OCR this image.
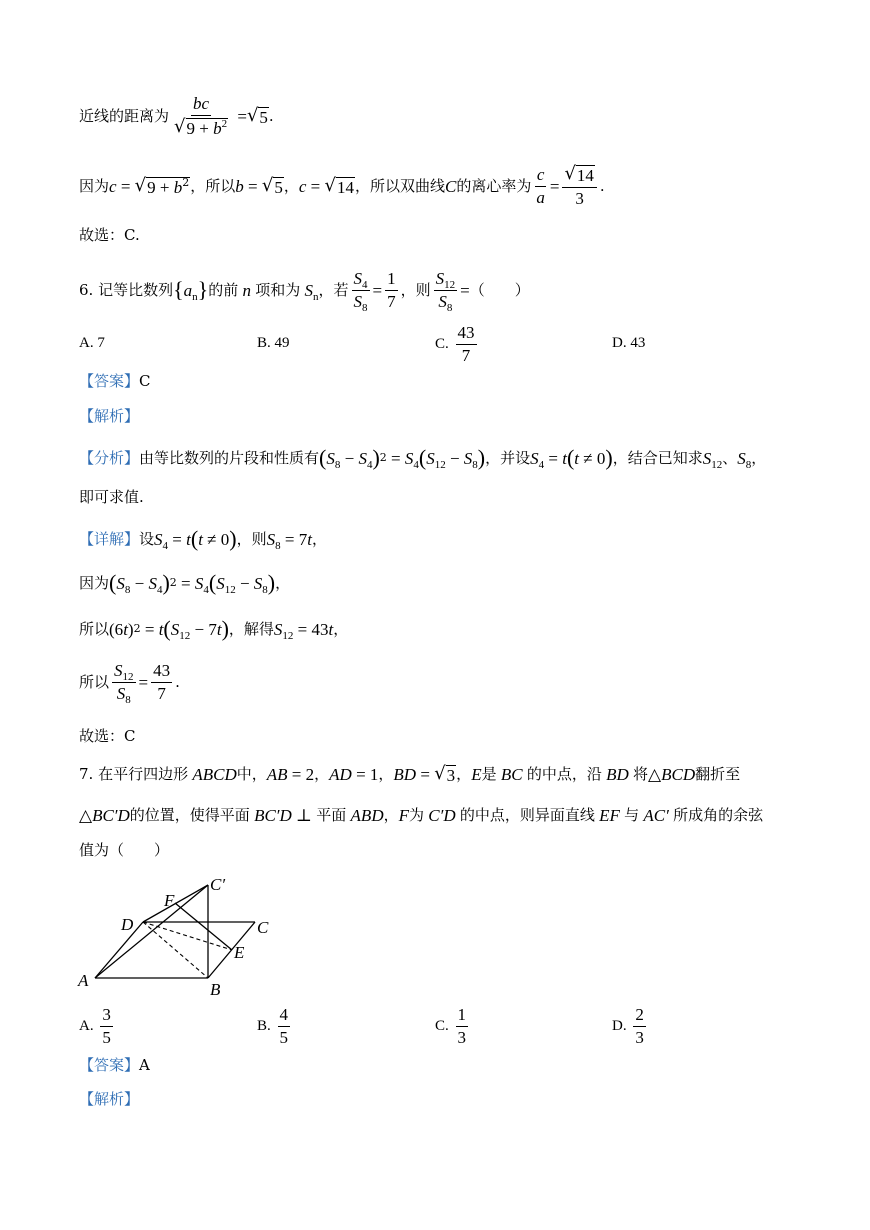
近线的距离为 $\frac{bc}{√ 9 + b^2}$ = √ 5 .
因为 c = √ $9 + b^2$ ，所以 b = √ 5 ， c = √ 14 ，所以双曲线 C 的离心率为 $\frac{c}{a} = \frac{√ 14}{3}$ .
故选：C.
6. 记等比数列 { $a_n$ } 的前 n 项和为 $S_n$ ，若 $\frac{S_4}{S_8} = \frac{1}{7}$ ，则 $\frac{S_{12}}{S_8}$ = （　　）
A. 7	B. 49	C.
$\frac{43}{7}$	D. 43
【答案】 C
【解析】
【分析】 由等比数列的片段和性质有 ( $S_8 - S_4$ ) $2 = S_4$ ( $S_{12} - S_8$ ) ，并设 $S_4 = t$ ( t ≠ 0 ) ，结合已知求 $S_{12}$ 、 $S_8$ ，
即可求值.
【详解】 设 $S_4 = t$ ( t ≠ 0 ) ，则 $S_8 = 7$ t ，
因为 ( $S_8 - S_4$ ) $2 = S_4$ ( $S_{12} - S_8$ ) ，
所以 (6 t ) 2 = t ( $S_{12} - 7$ t ) ，解得 $S_{12} = 43$ t ，
所以 $\frac{S_{12}}{S_8} = \frac{43}{7}$ .
故选：C
7. 在平行四边形 ABCD 中， AB = 2 ， AD = 1 ， BD = √ 3 ， E 是 BC 的中点，沿 BD 将 △ BCD 翻折至
△ BC′D 的位置，使得平面 BC′D ⊥ 平面 ABD ， F 为 C′D 的中点，则异面直线 EF 与 AC′ 所成角的余弦
值为（　　）
A	B
C
D
E
F
C′
A.
$\frac{3}{5}$	B.
$\frac{4}{5}$	C.
$\frac{1}{3}$	D.
$\frac{2}{3}$
【答案】 A
【解析】
